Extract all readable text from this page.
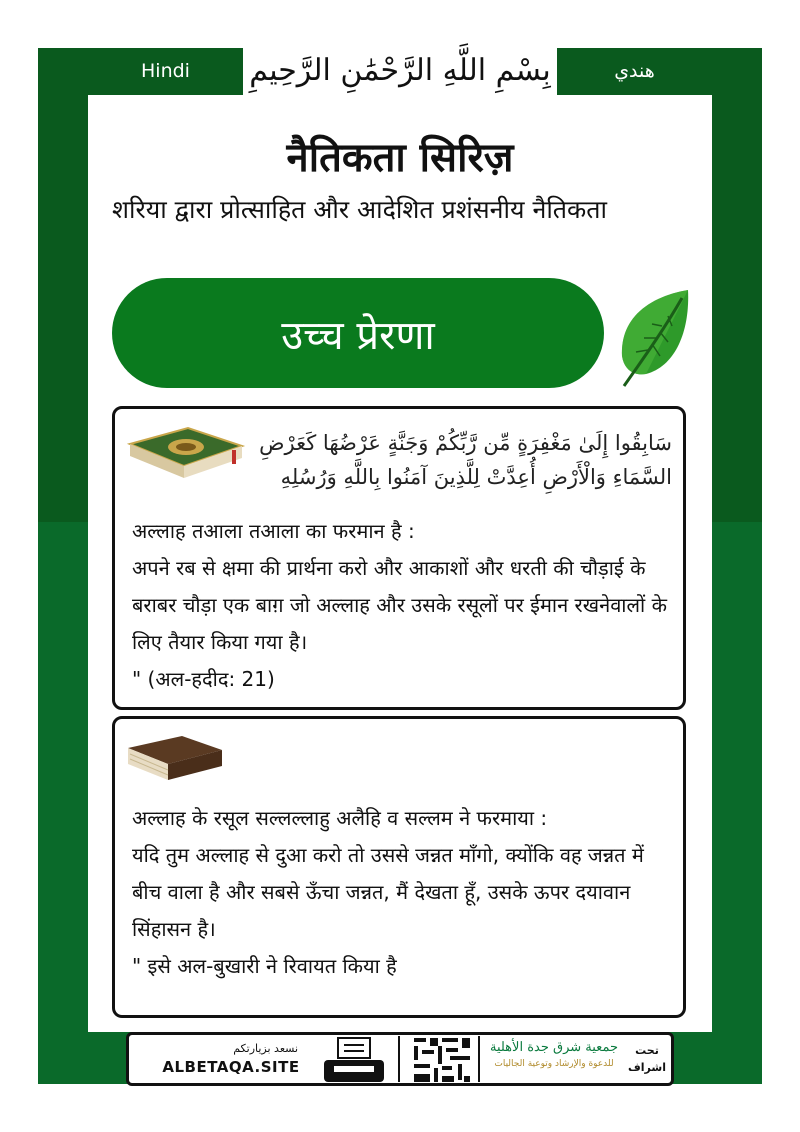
Hindi	هندي
بِسْمِ اللَّهِ الرَّحْمَٰنِ الرَّحِيمِ
नैतिकता सिरिज़
शरिया द्वारा प्रोत्साहित और आदेशित प्रशंसनीय नैतिकता
उच्च प्रेरणा
سَابِقُوا إِلَىٰ مَغْفِرَةٍ مِّن رَّبِّكُمْ وَجَنَّةٍ عَرْضُهَا كَعَرْضِ السَّمَاءِ وَالْأَرْضِ أُعِدَّتْ لِلَّذِينَ آمَنُوا بِاللَّهِ وَرُسُلِهِ
अल्लाह तआला तआला का फरमान है :
अपने रब से क्षमा की प्रार्थना करो और आकाशों और धरती की चौड़ाई के बराबर चौड़ा एक बाग़ जो अल्लाह और उसके रसूलों पर ईमान रखनेवालों के लिए तैयार किया गया है।
" (अल-हदीद: 21)
अल्लाह के रसूल सल्लल्लाहु अलैहि व सल्लम ने फरमाया :
यदि तुम अल्लाह से दुआ करो तो उससे जन्नत माँगो, क्योंकि वह जन्नत में बीच वाला है और सबसे ऊँचा जन्नत, मैं देखता हूँ, उसके ऊपर दयावान सिंहासन है।
" इसे अल-बुखारी ने रिवायत किया है
نسعد بزيارتكم
ALBETAQA.SITE
جمعية شرق جدة الأهلية
للدعوة والإرشاد وتوعية الجاليات
تحت
اشراف
